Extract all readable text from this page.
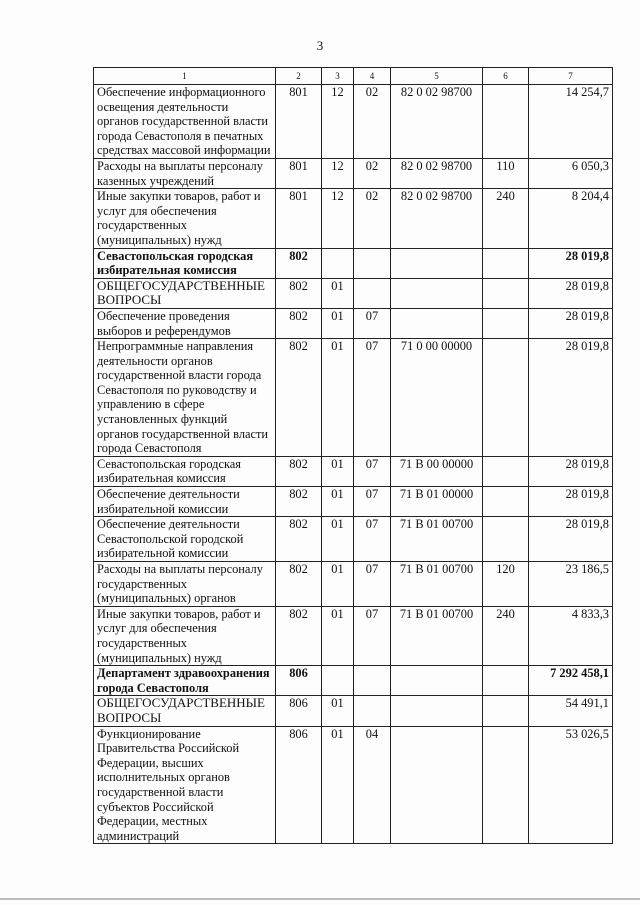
3
1	2	3	4	5	6	7
Обеспечение информационного освещения деятельности органов государственной власти города Севастополя в печатных средствах массовой информации	801	12	02	82 0 02 98700		14 254,7
Расходы на выплаты персоналу казенных учреждений	801	12	02	82 0 02 98700	110	6 050,3
Иные закупки товаров, работ и услуг для обеспечения государственных (муниципальных) нужд	801	12	02	82 0 02 98700	240	8 204,4
Севастопольская городская избирательная комиссия	802					28 019,8
ОБЩЕГОСУДАРСТВЕННЫЕ ВОПРОСЫ	802	01				28 019,8
Обеспечение проведения выборов и референдумов	802	01	07			28 019,8
Непрограммные направления деятельности органов государственной власти города Севастополя по руководству и управлению в сфере установленных функций органов государственной власти города Севастополя	802	01	07	71 0 00 00000		28 019,8
Севастопольская городская избирательная комиссия	802	01	07	71 В 00 00000		28 019,8
Обеспечение деятельности избирательной комиссии	802	01	07	71 В 01 00000		28 019,8
Обеспечение деятельности Севастопольской городской избирательной комиссии	802	01	07	71 В 01 00700		28 019,8
Расходы на выплаты персоналу государственных (муниципальных) органов	802	01	07	71 В 01 00700	120	23 186,5
Иные закупки товаров, работ и услуг для обеспечения государственных (муниципальных) нужд	802	01	07	71 В 01 00700	240	4 833,3
Департамент здравоохранения города Севастополя	806					7 292 458,1
ОБЩЕГОСУДАРСТВЕННЫЕ ВОПРОСЫ	806	01				54 491,1
Функционирование Правительства Российской Федерации, высших исполнительных органов государственной власти субъектов Российской Федерации, местных администраций	806	01	04			53 026,5
